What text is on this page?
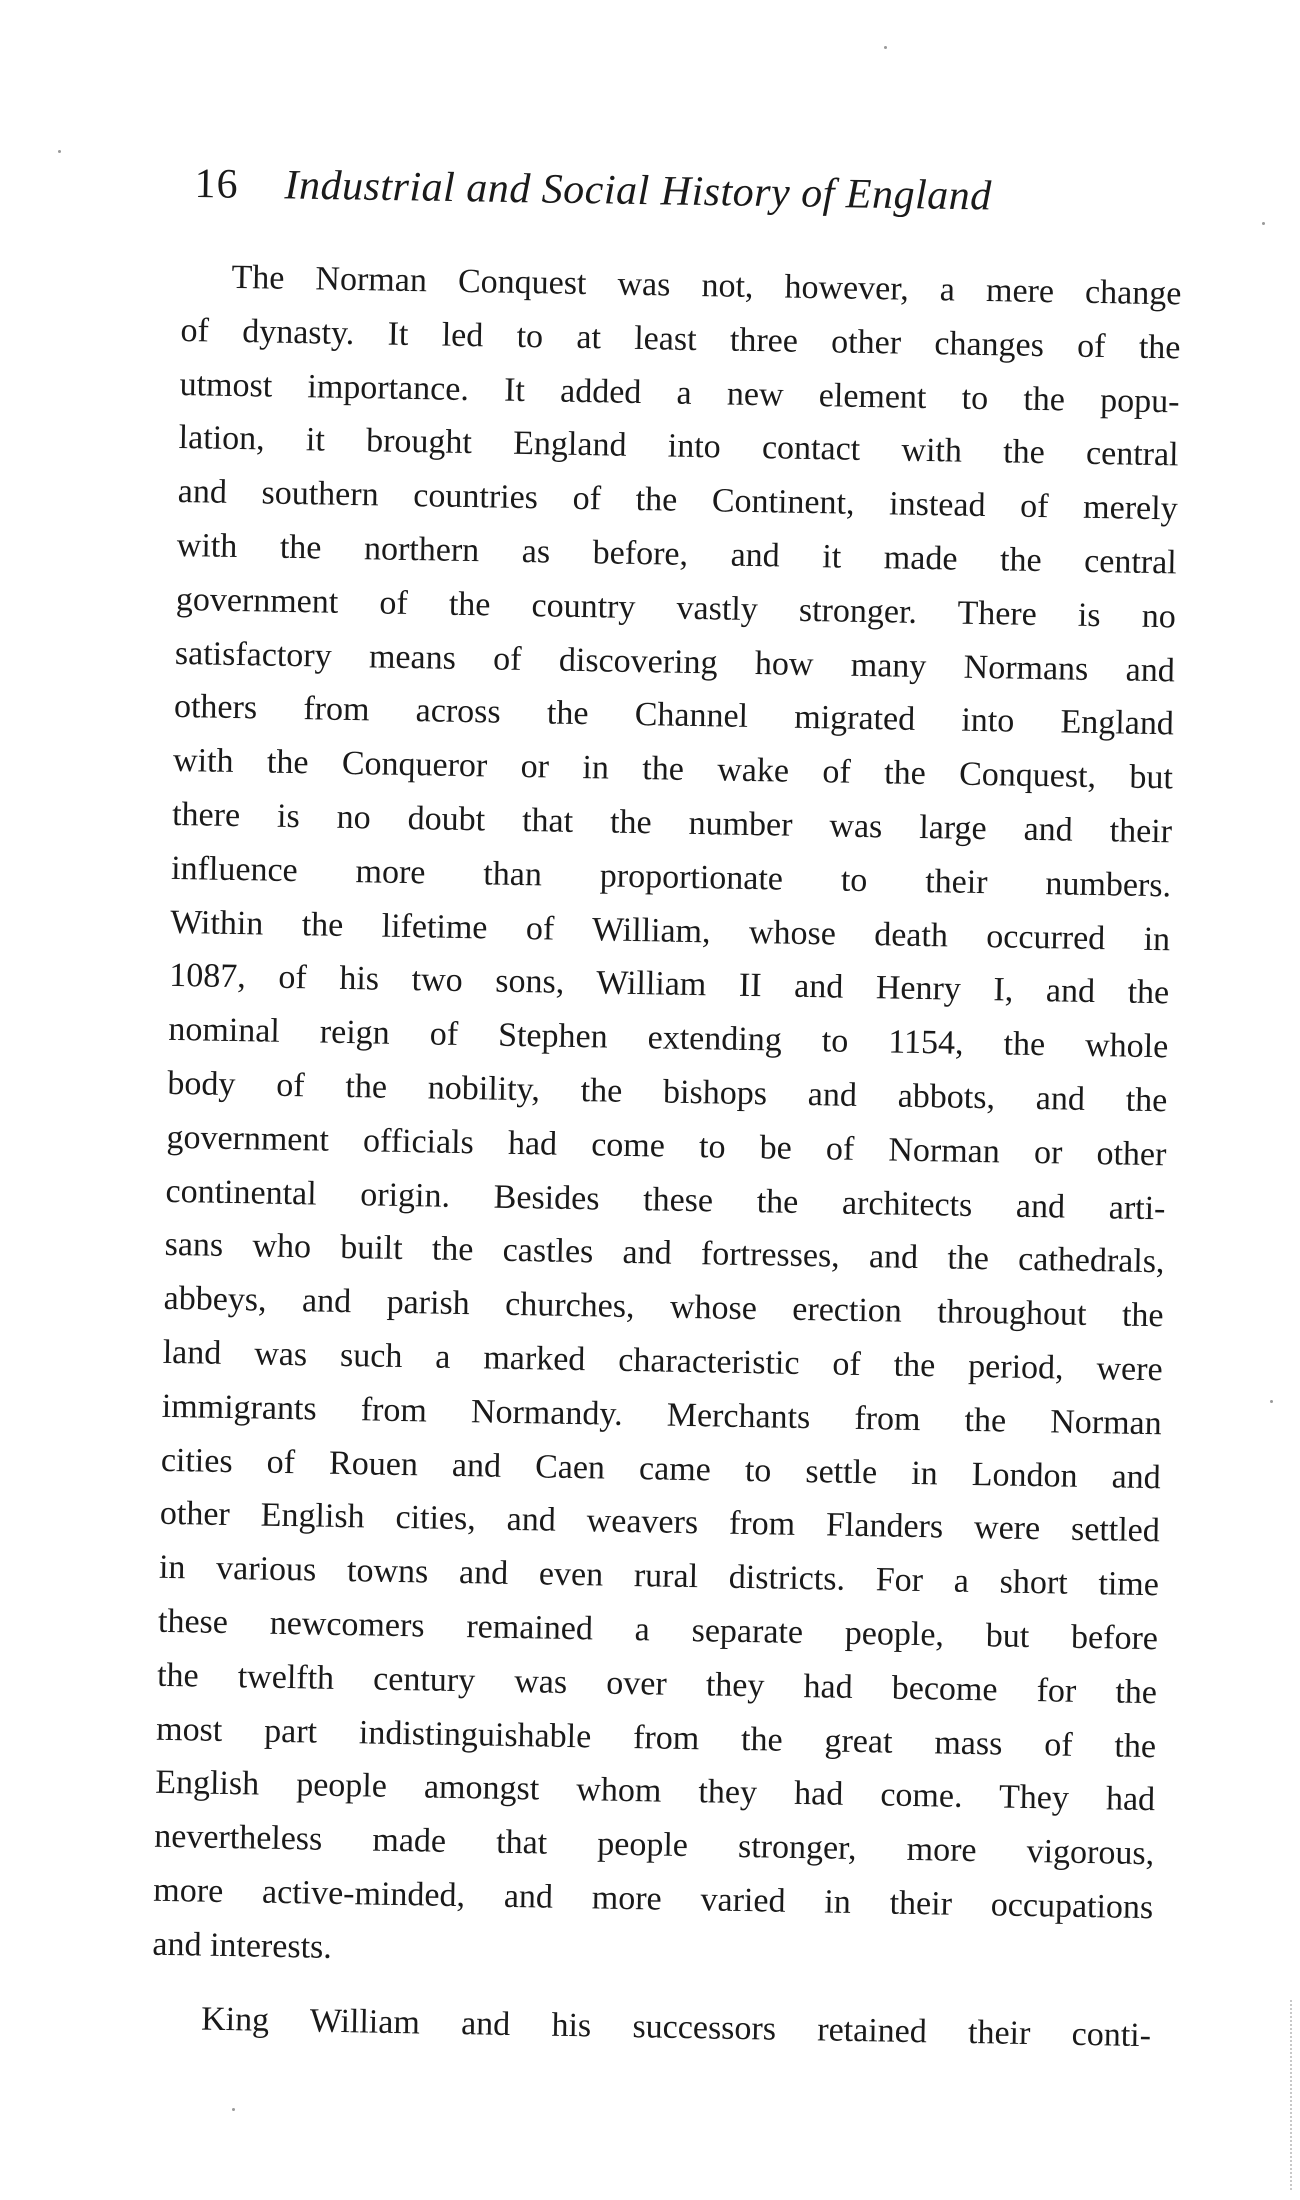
16 Industrial and Social History of England
The Norman Conquest was not, however, a mere change
of dynasty. It led to at least three other changes of the
utmost importance. It added a new element to the popu-
lation, it brought England into contact with the central
and southern countries of the Continent, instead of merely
with the northern as before, and it made the central
government of the country vastly stronger. There is no
satisfactory means of discovering how many Normans and
others from across the Channel migrated into England
with the Conqueror or in the wake of the Conquest, but
there is no doubt that the number was large and their
influence more than proportionate to their numbers.
Within the lifetime of William, whose death occurred in
1087, of his two sons, William II and Henry I, and the
nominal reign of Stephen extending to 1154, the whole
body of the nobility, the bishops and abbots, and the
government officials had come to be of Norman or other
continental origin. Besides these the architects and arti-
sans who built the castles and fortresses, and the cathedrals,
abbeys, and parish churches, whose erection throughout the
land was such a marked characteristic of the period, were
immigrants from Normandy. Merchants from the Norman
cities of Rouen and Caen came to settle in London and
other English cities, and weavers from Flanders were settled
in various towns and even rural districts. For a short time
these newcomers remained a separate people, but before
the twelfth century was over they had become for the
most part indistinguishable from the great mass of the
English people amongst whom they had come. They had
nevertheless made that people stronger, more vigorous,
more active-minded, and more varied in their occupations
and interests.
King William and his successors retained their conti-
